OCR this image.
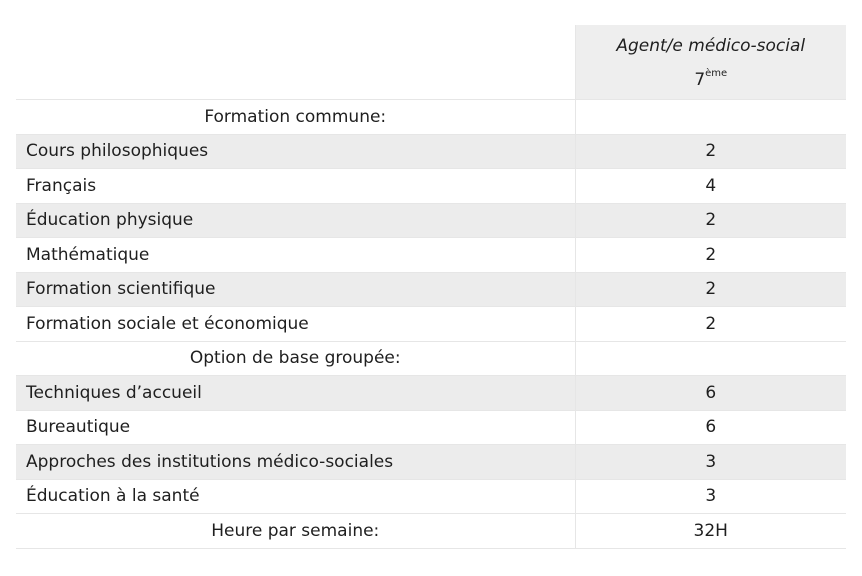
	Agent/e médico-social
7ème

Formation commune:	
Cours philosophiques	2
Français	4
Éducation physique	2
Mathématique	2
Formation scientifique	2
Formation sociale et économique	2
Option de base groupée:	
Techniques d’accueil	6
Bureautique	6
Approches des institutions médico-sociales	3
Éducation à la santé	3
Heure par semaine:	32H
